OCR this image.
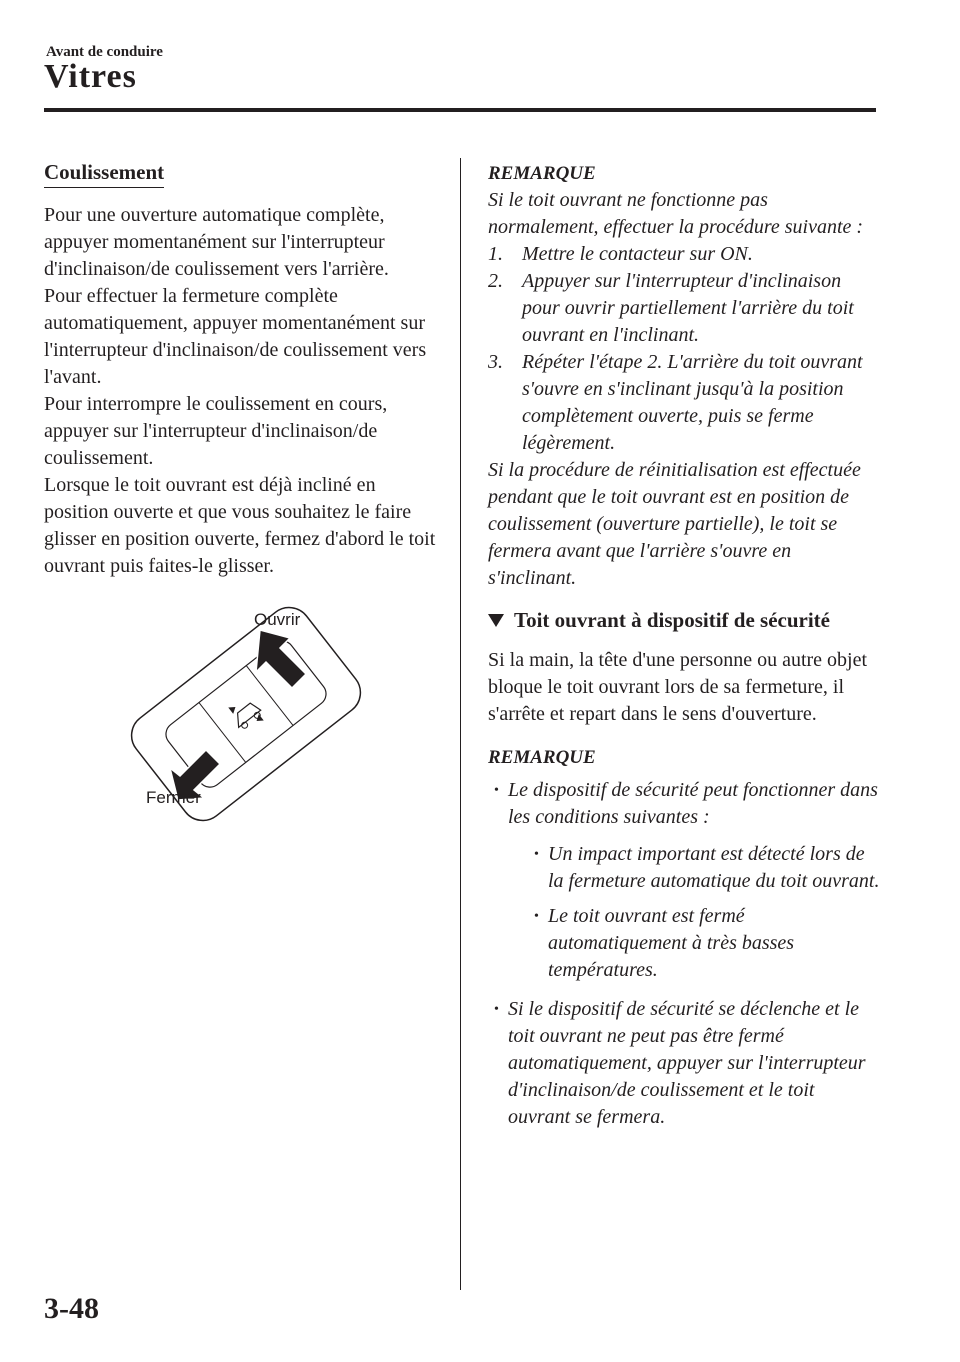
Avant de conduire
Vitres
Coulissement

Pour une ouverture automatique complète, appuyer momentanément sur l'interrupteur d'inclinaison/de coulissement vers l'arrière.

Pour effectuer la fermeture complète automatiquement, appuyer momentanément sur l'interrupteur d'inclinaison/de coulissement vers l'avant.

Pour interrompre le coulissement en cours, appuyer sur l'interrupteur d'inclinaison/de coulissement.

Lorsque le toit ouvrant est déjà incliné en position ouverte et que vous souhaitez le faire glisser en position ouverte, fermez d'abord le toit ouvrant puis faites-le glisser.

Ouvrir
Fermer

REMARQUE

Si le toit ouvrant ne fonctionne pas normalement, effectuer la procédure suivante :

1. Mettre le contacteur sur ON.
2. Appuyer sur l'interrupteur d'inclinaison pour ouvrir partiellement l'arrière du toit ouvrant en l'inclinant.
3. Répéter l'étape 2. L'arrière du toit ouvrant s'ouvre en s'inclinant jusqu'à la position complètement ouverte, puis se ferme légèrement.

Si la procédure de réinitialisation est effectuée pendant que le toit ouvrant est en position de coulissement (ouverture partielle), le toit se fermera avant que l'arrière s'ouvre en s'inclinant.

Toit ouvrant à dispositif de sécurité

Si la main, la tête d'une personne ou autre objet bloque le toit ouvrant lors de sa fermeture, il s'arrête et repart dans le sens d'ouverture.

REMARQUE

• Le dispositif de sécurité peut fonctionner dans les conditions suivantes :
• Un impact important est détecté lors de la fermeture automatique du toit ouvrant.
• Le toit ouvrant est fermé automatiquement à très basses températures.
• Si le dispositif de sécurité se déclenche et le toit ouvrant ne peut pas être fermé automatiquement, appuyer sur l'interrupteur d'inclinaison/de coulissement et le toit ouvrant se fermera.
3-48
